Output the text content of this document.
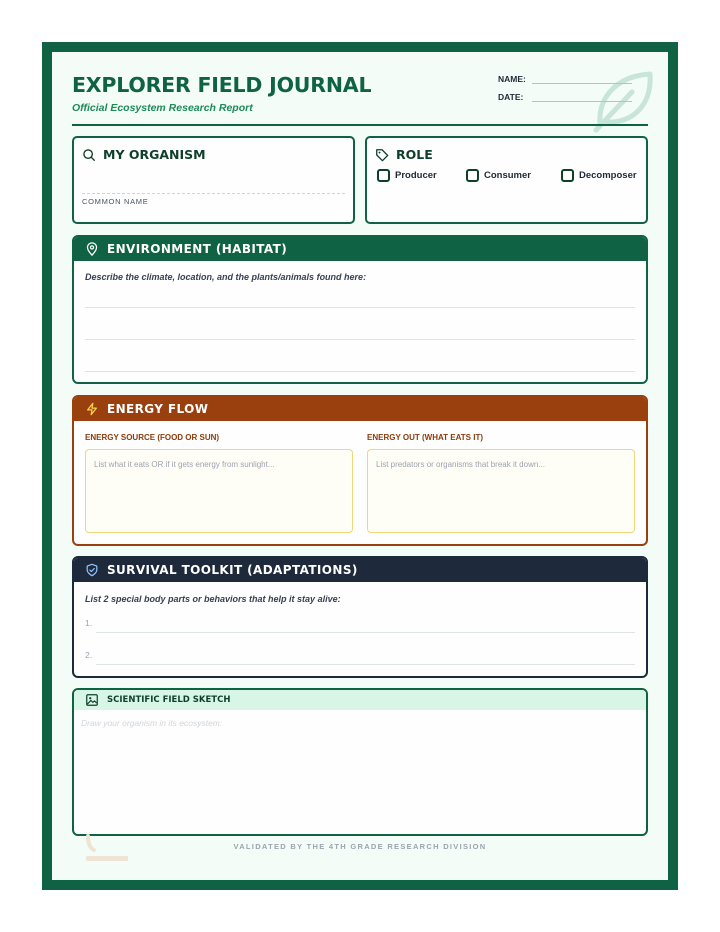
EXPLORER FIELD JOURNAL
Official Ecosystem Research Report
NAME:
DATE:
MY ORGANISM
COMMON NAME
ROLE
Producer	Consumer	Decomposer
ENVIRONMENT (HABITAT)
Describe the climate, location, and the plants/animals found here:
ENERGY FLOW
ENERGY SOURCE (FOOD OR SUN)	ENERGY OUT (WHAT EATS IT)
List what it eats OR if it gets energy from sunlight...	List predators or organisms that break it down...
SURVIVAL TOOLKIT (ADAPTATIONS)
List 2 special body parts or behaviors that help it stay alive:
1.
2.
SCIENTIFIC FIELD SKETCH
Draw your organism in its ecosystem:
VALIDATED BY THE 4TH GRADE RESEARCH DIVISION
